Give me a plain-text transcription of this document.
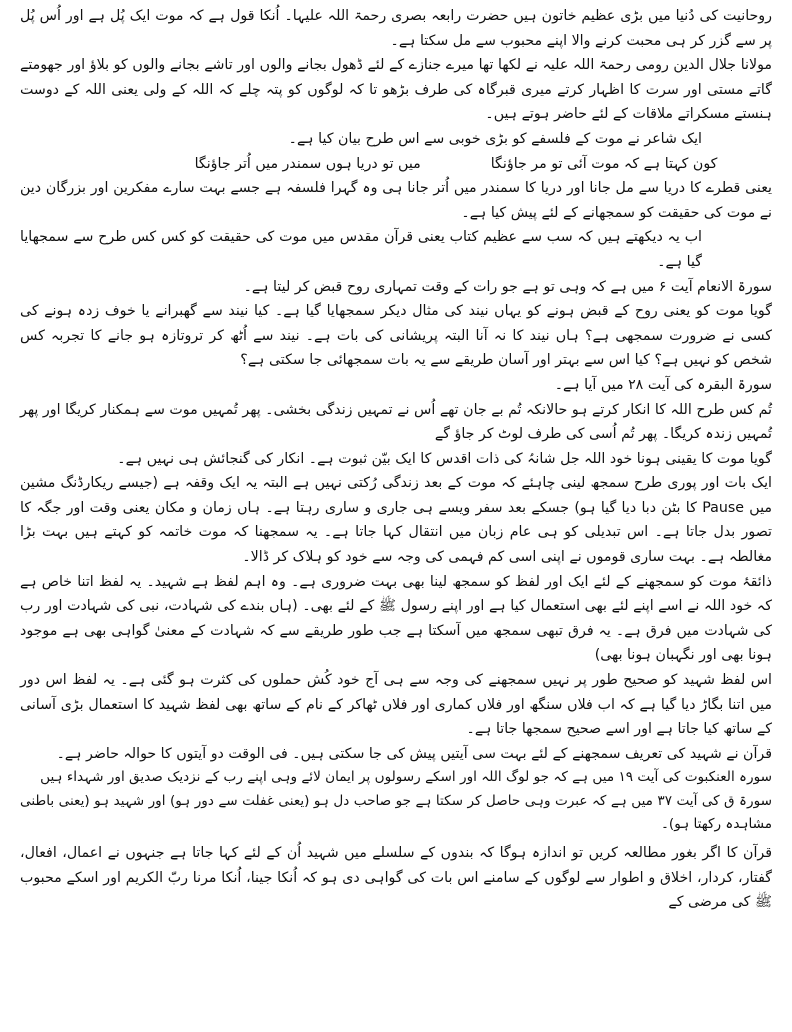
روحانیت کی دُنیا میں بڑی عظیم خاتون ہیں حضرت رابعہ بصری رحمۃ اللہ علیہا۔ اُنکا قول ہے کہ موت ایک پُل ہے اور اُس پُل پر سے گزر کر ہی محبت کرنے والا اپنے محبوب سے مل سکتا ہے۔

مولانا جلال الدین رومی رحمۃ اللہ علیہ نے لکھا تھا میرے جنازے کے لئے ڈھول بجانے والوں اور تاشے بجانے والوں کو بلاؤ اور جھومتے گاتے مستی اور سرت کا اظہار کرتے میری قبرگاہ کی طرف بڑھو تا کہ لوگوں کو پتہ چلے کہ اللہ کے ولی یعنی اللہ کے دوست ہنستے مسکراتے ملاقات کے لئے حاضر ہوتے ہیں۔

ایک شاعر نے موت کے فلسفے کو بڑی خوبی سے اس طرح بیان کیا ہے۔

کون کہتا ہے کہ موت آئی تو مر جاؤنگا
میں تو دریا ہوں سمندر میں اُتر جاؤنگا

یعنی قطرے کا دریا سے مل جانا اور دریا کا سمندر میں اُتر جانا ہی وہ گہرا فلسفہ ہے جسے بہت سارے مفکرین اور بزرگان دین نے موت کی حقیقت کو سمجھانے کے لئے پیش کیا ہے۔

اب یہ دیکھتے ہیں کہ سب سے عظیم کتاب یعنی قرآن مقدس میں موت کی حقیقت کو کس کس طرح سے سمجھایا گیا ہے۔

سورۃ الانعام آیت ۶ میں ہے کہ وہی تو ہے جو رات کے وقت تمہاری روح قبض کر لیتا ہے۔

گویا موت کو یعنی روح کے قبض ہونے کو یہاں نیند کی مثال دیکر سمجھایا گیا ہے۔ کیا نیند سے گھبرانے یا خوف زدہ ہونے کی کسی نے ضرورت سمجھی ہے؟ ہاں نیند کا نہ آنا البتہ پریشانی کی بات ہے۔ نیند سے اُٹھ کر تروتازہ ہو جانے کا تجربہ کس شخص کو نہیں ہے؟ کیا اس سے بہتر اور آسان طریقے سے یہ بات سمجھائی جا سکتی ہے؟

سورۃ البقرہ کی آیت ۲۸ میں آیا ہے۔

تُم کس طرح اللہ کا انکار کرتے ہو حالانکہ تُم بے جان تھے اُس نے تمہیں زندگی بخشی۔ پھر تُمہیں موت سے ہمکنار کریگا اور پھر تُمہیں زندہ کریگا۔ پھر تُم اُسی کی طرف لوٹ کر جاؤ گے

گویا موت کا یقینی ہونا خود اللہ جل شانہُ کی ذات اقدس کا ایک بیّن ثبوت ہے۔ انکار کی گنجائش ہی نہیں ہے۔

ایک بات اور پوری طرح سمجھ لینی چاہئے کہ موت کے بعد زندگی رُکتی نہیں ہے البتہ یہ ایک وقفہ ہے (جیسے ریکارڈنگ مشین میں Pause کا بٹن دبا دیا گیا ہو) جسکے بعد سفر ویسے ہی جاری و ساری رہتا ہے۔ ہاں زمان و مکان یعنی وقت اور جگہ کا تصور بدل جاتا ہے۔ اس تبدیلی کو ہی عام زبان میں انتقال کہا جاتا ہے۔ یہ سمجھنا کہ موت خاتمہ کو کہتے ہیں بہت بڑا مغالطہ ہے۔ بہت ساری قوموں نے اپنی اسی کم فہمی کی وجہ سے خود کو ہلاک کر ڈالا۔

ذائقۂ موت کو سمجھنے کے لئے ایک اور لفظ کو سمجھ لینا بھی بہت ضروری ہے۔ وہ اہم لفظ ہے شہید۔ یہ لفظ اتنا خاص ہے کہ خود اللہ نے اسے اپنے لئے بھی استعمال کیا ہے اور اپنے رسول ﷺ کے لئے بھی۔ (ہاں بندے کی شہادت، نبی کی شہادت اور رب کی شہادت میں فرق ہے۔ یہ فرق تبھی سمجھ میں آسکتا ہے جب طور طریقے سے کہ شہادت کے معنیٰ گواہی بھی ہے موجود ہونا بھی اور نگہبان ہونا بھی)

اس لفظ شہید کو صحیح طور پر نہیں سمجھنے کی وجہ سے ہی آج خود کُش حملوں کی کثرت ہو گئی ہے۔ یہ لفظ اس دور میں اتنا بگاڑ دیا گیا ہے کہ اب فلاں سنگھ اور فلاں کماری اور فلاں ٹھاکر کے نام کے ساتھ بھی لفظ شہید کا استعمال بڑی آسانی کے ساتھ کیا جاتا ہے اور اسے صحیح سمجھا جاتا ہے۔

قرآن نے شہید کی تعریف سمجھنے کے لئے بہت سی آیتیں پیش کی جا سکتی ہیں۔ فی الوقت دو آیتوں کا حوالہ حاضر ہے۔

سورہ العنکبوت کی آیت ۱۹ میں ہے کہ جو لوگ اللہ اور اسکے رسولوں پر ایمان لائے وہی اپنے رب کے نزدیک صدیق اور شہداء ہیں

سورۃ ق کی آیت ۳۷ میں ہے کہ عبرت وہی حاصل کر سکتا ہے جو صاحب دل ہو (یعنی غفلت سے دور ہو) اور شہید ہو (یعنی باطنی مشاہدہ رکھتا ہو)۔

قرآن کا اگر بغور مطالعہ کریں تو اندازہ ہوگا کہ بندوں کے سلسلے میں شہید اُن کے لئے کہا جاتا ہے جنہوں نے اعمال، افعال، گفتار، کردار، اخلاق و اطوار سے لوگوں کے سامنے اس بات کی گواہی دی ہو کہ اُنکا جینا، اُنکا مرنا ربّ الکریم اور اسکے محبوب ﷺ کی مرضی کے
